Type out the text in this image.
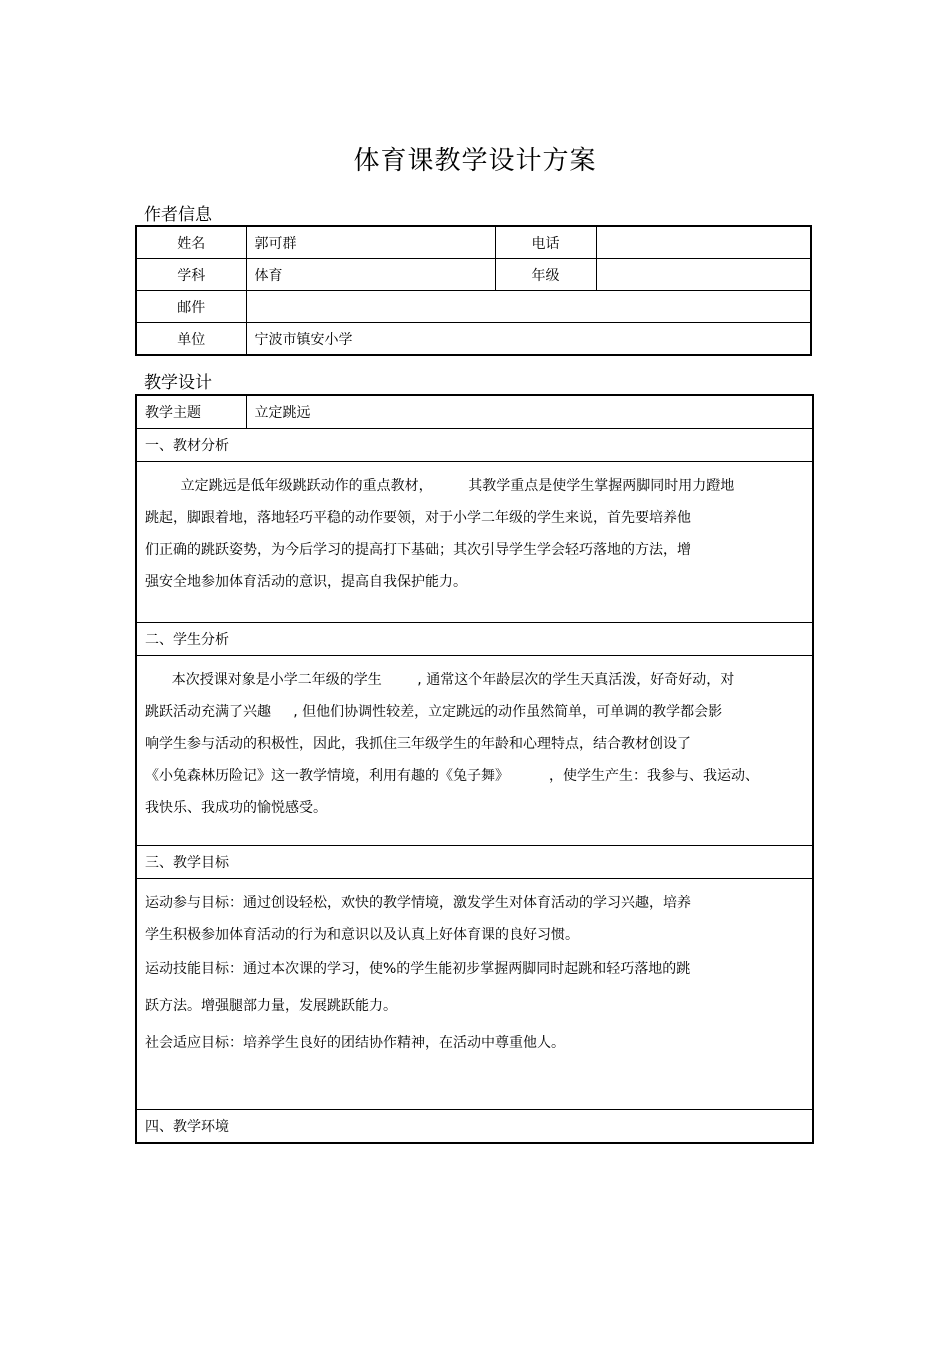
体育课教学设计方案
作者信息
姓名	郭可群	电话	
学科	体育	年级	
邮件			
单位	宁波市镇安小学		
教学设计
教学主题	立定跳远
一、教材分析

立定跳远是低年级跳跃动作的重点教材，        其教学重点是使学生掌握两脚同时用力蹬地
跳起，脚跟着地，落地轻巧平稳的动作要领，对于小学二年级的学生来说，首先要培养他
们正确的跳跃姿势，为今后学习的提高打下基础；其次引导学生学会轻巧落地的方法，增
强安全地参加体育活动的意识，提高自我保护能力。

二、学生分析

本次授课对象是小学二年级的学生        , 通常这个年龄层次的学生天真活泼，好奇好动，对
跳跃活动充满了兴趣     , 但他们协调性较差，立定跳远的动作虽然简单，可单调的教学都会影
响学生参与活动的积极性，因此，我抓住三年级学生的年龄和心理特点，结合教材创设了
《小兔森林历险记》这一教学情境，利用有趣的《兔子舞》         ，使学生产生：我参与、我运动、
我快乐、我成功的愉悦感受。

三、教学目标

运动参与目标：通过创设轻松，欢快的教学情境，激发学生对体育活动的学习兴趣，培养
学生积极参加体育活动的行为和意识以及认真上好体育课的良好习惯。
运动技能目标：通过本次课的学习，使%的学生能初步掌握两脚同时起跳和轻巧落地的跳
跃方法。增强腿部力量，发展跳跃能力。
社会适应目标：培养学生良好的团结协作精神，在活动中尊重他人。

四、教学环境
